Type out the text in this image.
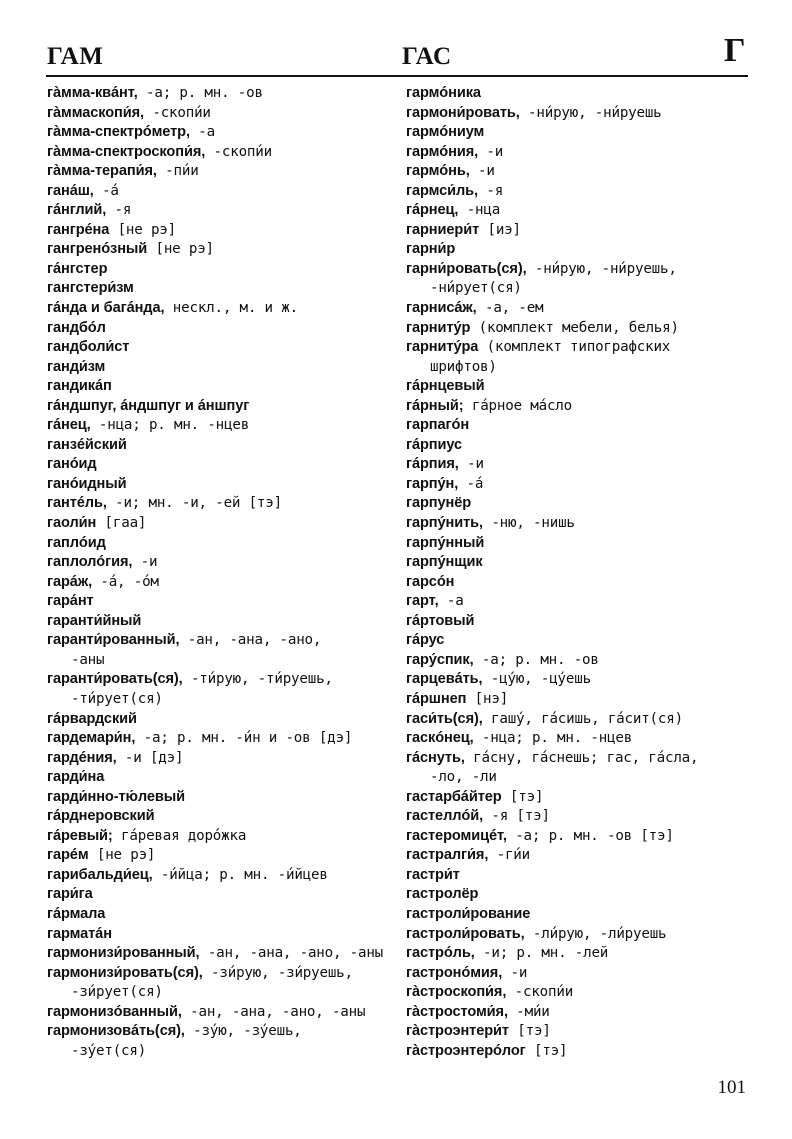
ГАМ	ГАС	Г
гàмма-квáнт, -а; р. мн. -ов
гàммаскопи́я, -скопи́и
гàмма-спектрóметр, -а
гàмма-спектроскопи́я, -скопи́и
гàмма-терапи́я, -пи́и
ганáш, -á
гáнглий, -я
гангрéна [не рэ]
гангренóзный [не рэ]
гáнгстер
гангстери́зм
гáнда и багáнда, нескл., м. и ж.
гандбóл
гандболи́ст
ганди́зм
гандикáп
гáндшпуг, áндшпуг и áншпуг
гáнец, -нца; р. мн. -нцев
ганзéйский
ганóид
ганóидный
гантéль, -и; мн. -и, -ей [тэ]
гаоли́н [гаа]
гаплóид
гаплолóгия, -и
гарáж, -á, -óм
гарáнт
гаранти́йный
гаранти́рованный, -ан, -ана, -ано,
-аны
гаранти́ровать(ся), -ти́рую, -ти́руешь,
-ти́рует(ся)
гáрвардский
гардемари́н, -а; р. мн. -и́н и -ов [дэ]
гардéния, -и [дэ]
гарди́на
гарди́нно-тю́левый
гáрднеровский
гáревый; гáревая дорóжка
гарéм [не рэ]
гарибальди́ец, -и́йца; р. мн. -и́йцев
гари́га
гáрмала
гарматáн
гармонизи́рованный, -ан, -ана, -ано, -аны
гармонизи́ровать(ся), -зи́рую, -зи́руешь,
-зи́рует(ся)
гармонизóванный, -ан, -ана, -ано, -аны
гармонизовáть(ся), -зýю, -зýешь,
-зýет(ся)
гармóника
гармони́ровать, -ни́рую, -ни́руешь
гармóниум
гармóния, -и
гармóнь, -и
гармси́ль, -я
гáрнец, -нца
гарниери́т [иэ]
гарни́р
гарни́ровать(ся), -ни́рую, -ни́руешь,
-ни́рует(ся)
гарнисáж, -а, -ем
гарнитýр (комплект мебели, белья)
гарнитýра (комплект типографских
шрифтов)
гáрнцевый
гáрный; гáрное мáсло
гарпагóн
гáрпиус
гáрпия, -и
гарпýн, -á
гарпунёр
гарпýнить, -ню, -нишь
гарпýнный
гарпýнщик
гарсóн
гарт, -а
гáртовый
гáрус
гарýспик, -а; р. мн. -ов
гарцевáть, -цýю, -цýешь
гáршнеп [нэ]
гаси́ть(ся), гашý, гáсишь, гáсит(ся)
гаскóнец, -нца; р. мн. -нцев
гáснуть, гáсну, гáснешь; гас, гáсла,
-ло, -ли
гастарбáйтер [тэ]
гастеллóй, -я [тэ]
гастеромицéт, -а; р. мн. -ов [тэ]
гастралги́я, -ги́и
гастри́т
гастролёр
гастроли́рование
гастроли́ровать, -ли́рую, -ли́руешь
гастрóль, -и; р. мн. -лей
гастронóмия, -и
гàстроскопи́я, -скопи́и
гàстростоми́я, -ми́и
гàстроэнтери́т [тэ]
гàстроэнтерóлог [тэ]
101
